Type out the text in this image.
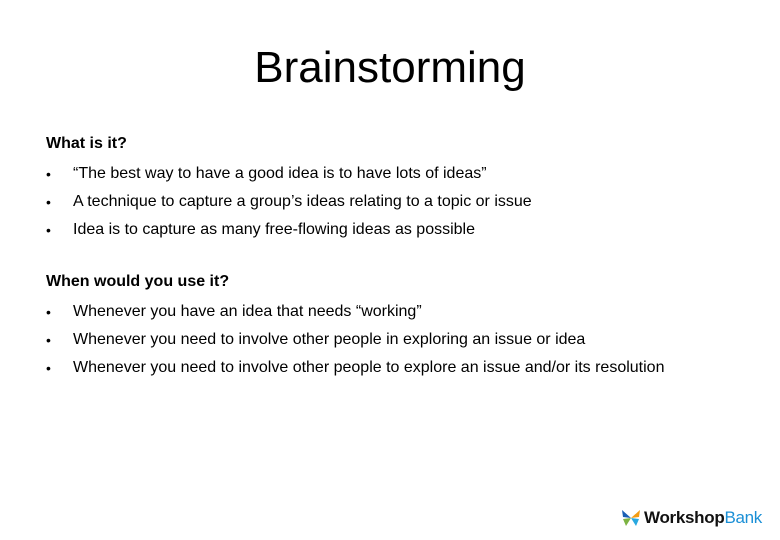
Brainstorming
What is it?
• “The best way to have a good idea is to have lots of ideas”
• A technique to capture a group’s ideas relating to a topic or issue
• Idea is to capture as many free-flowing ideas as possible
When would you use it?
• Whenever you have an idea that needs “working”
• Whenever you need to involve other people in exploring an issue or idea
• Whenever you need to involve other people to explore an issue and/or its resolution
WorkshopBank
